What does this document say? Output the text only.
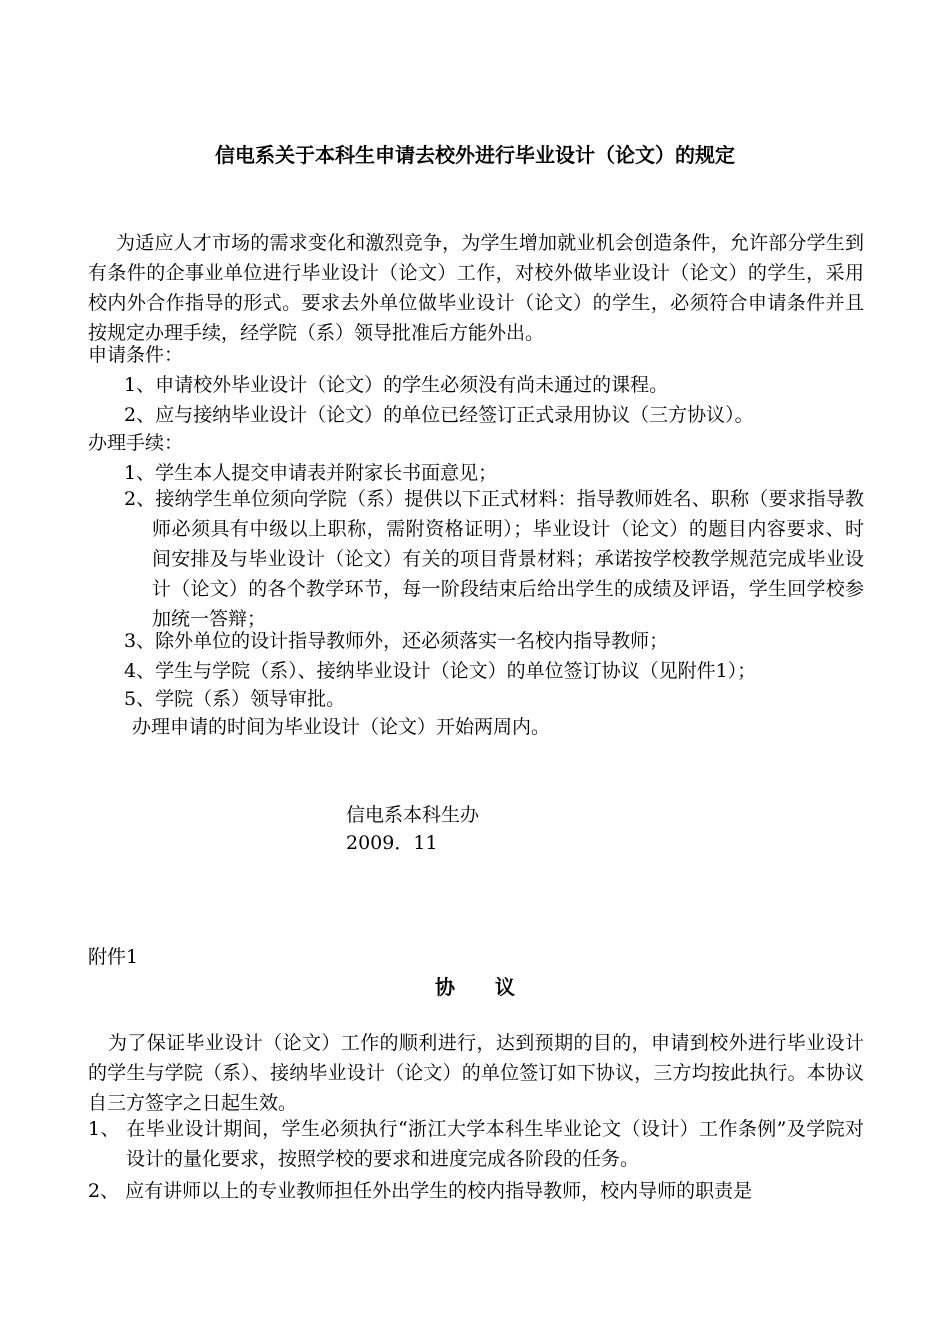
信电系关于本科生申请去校外进行毕业设计（论文）的规定
为适应人才市场的需求变化和激烈竞争，为学生增加就业机会创造条件，允许部分学生到有条件的企事业单位进行毕业设计（论文）工作，对校外做毕业设计（论文）的学生，采用校内外合作指导的形式。要求去外单位做毕业设计（论文）的学生，必须符合申请条件并且按规定办理手续，经学院（系）领导批准后方能外出。
申请条件：
1、申请校外毕业设计（论文）的学生必须没有尚未通过的课程。
2、应与接纳毕业设计（论文）的单位已经签订正式录用协议（三方协议）。
办理手续：
1、学生本人提交申请表并附家长书面意见；
2、接纳学生单位须向学院（系）提供以下正式材料：指导教师姓名、职称（要求指导教师必须具有中级以上职称，需附资格证明）；毕业设计（论文）的题目内容要求、时间安排及与毕业设计（论文）有关的项目背景材料；承诺按学校教学规范完成毕业设计（论文）的各个教学环节，每一阶段结束后给出学生的成绩及评语，学生回学校参加统一答辩；
3、除外单位的设计指导教师外，还必须落实一名校内指导教师；
4、学生与学院（系）、接纳毕业设计（论文）的单位签订协议（见附件1）；
5、学院（系）领导审批。
办理申请的时间为毕业设计（论文）开始两周内。
信电系本科生办
2009．11
附件1
协议
为了保证毕业设计（论文）工作的顺利进行，达到预期的目的，申请到校外进行毕业设计的学生与学院（系）、接纳毕业设计（论文）的单位签订如下协议，三方均按此执行。本协议自三方签字之日起生效。
1、 在毕业设计期间，学生必须执行“浙江大学本科生毕业论文（设计）工作条例”及学院对设计的量化要求，按照学校的要求和进度完成各阶段的任务。
2、 应有讲师以上的专业教师担任外出学生的校内指导教师，校内导师的职责是
